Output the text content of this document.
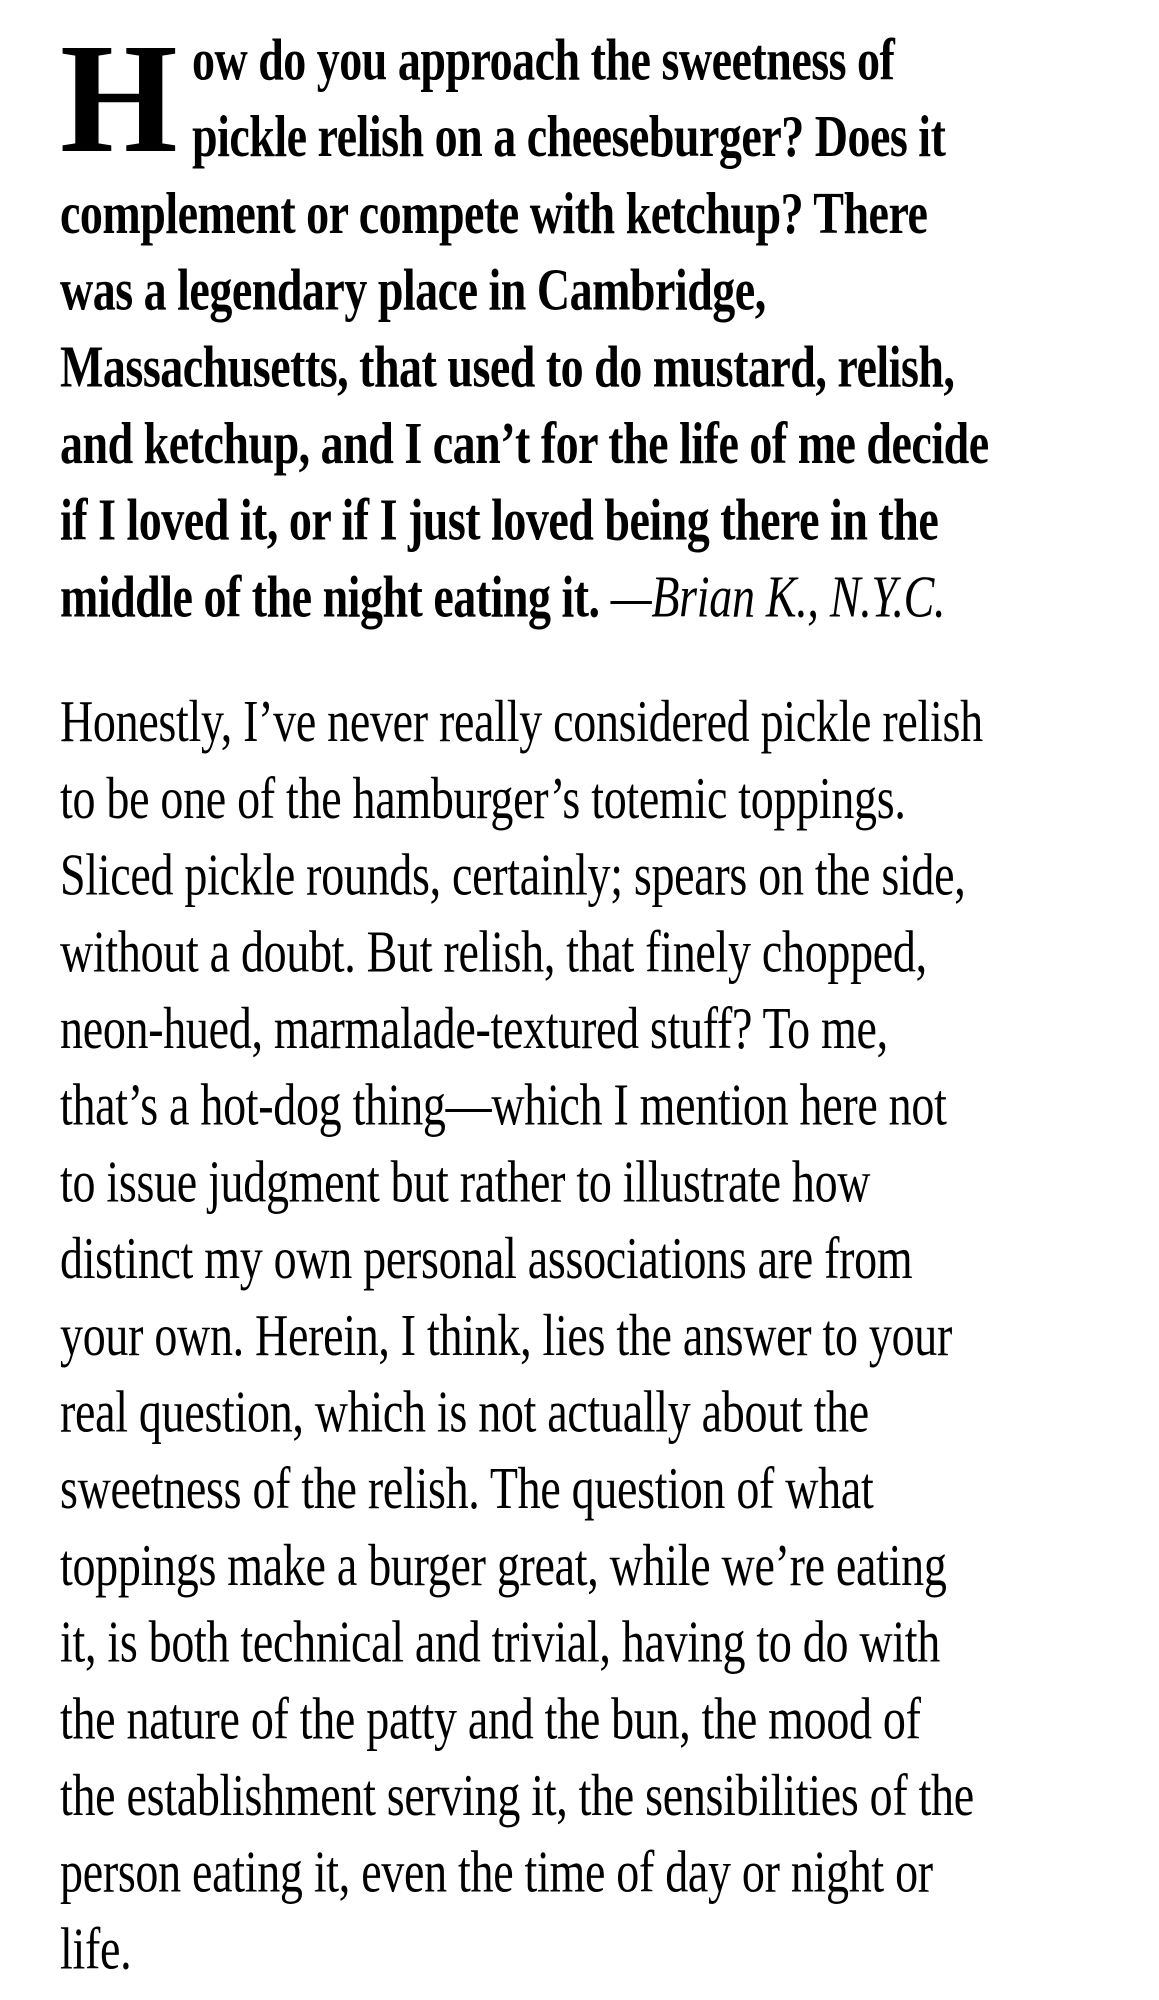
H ow do you approach the sweetness of
pickle relish on a cheeseburger? Does it
complement or compete with ketchup? There
was a legendary place in Cambridge,
Massachusetts, that used to do mustard, relish,
and ketchup, and I can’t for the life of me decide
if I loved it, or if I just loved being there in the
middle of the night eating it. —Brian K., N.Y.C.
Honestly, I’ve never really considered pickle relish
to be one of the hamburger’s totemic toppings.
Sliced pickle rounds, certainly; spears on the side,
without a doubt. But relish, that finely chopped,
neon-hued, marmalade-textured stuff? To me,
that’s a hot-dog thing—which I mention here not
to issue judgment but rather to illustrate how
distinct my own personal associations are from
your own. Herein, I think, lies the answer to your
real question, which is not actually about the
sweetness of the relish. The question of what
toppings make a burger great, while we’re eating
it, is both technical and trivial, having to do with
the nature of the patty and the bun, the mood of
the establishment serving it, the sensibilities of the
person eating it, even the time of day or night or
life.
